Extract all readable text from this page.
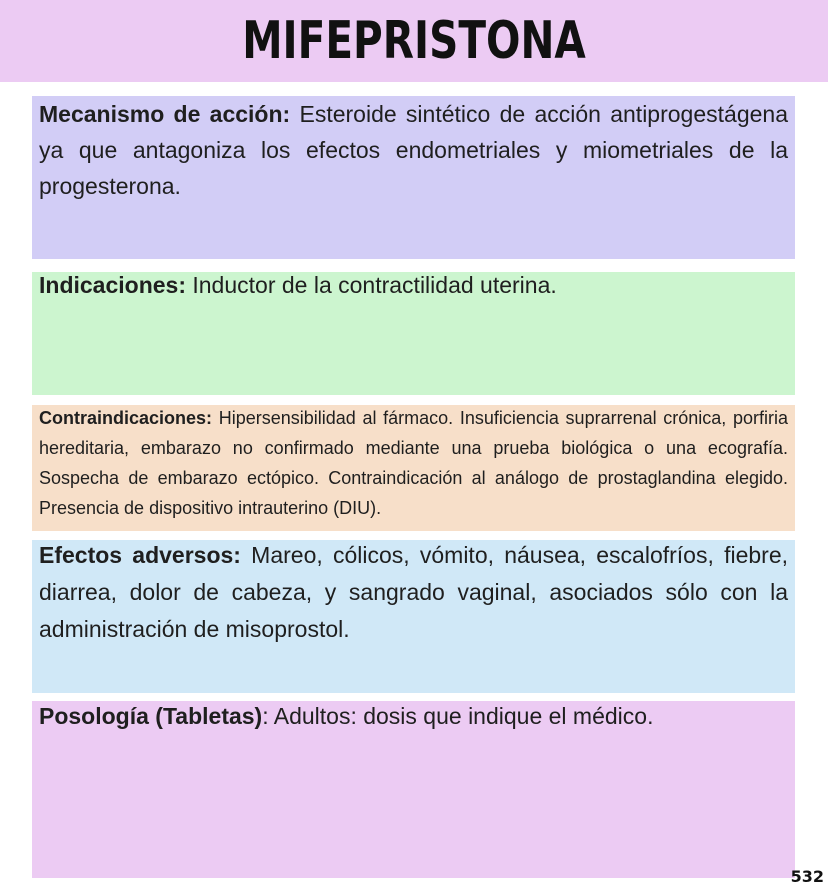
MIFEPRISTONA

Mecanismo de acción: Esteroide sintético de acción antiprogestágena ya que antagoniza los efectos endometriales y miometriales de la progesterona.

Indicaciones: Inductor de la contractilidad uterina.

Contraindicaciones: Hipersensibilidad al fármaco. Insuficiencia suprarrenal crónica, porfiria hereditaria, embarazo no confirmado mediante una prueba biológica o una ecografía. Sospecha de embarazo ectópico. Contraindicación al análogo de prostaglandina elegido. Presencia de dispositivo intrauterino (DIU).

Efectos adversos: Mareo, cólicos, vómito, náusea, escalofríos, fiebre, diarrea, dolor de cabeza, y sangrado vaginal, asociados sólo con la administración de misoprostol.

Posología (Tabletas): Adultos: dosis que indique el médico.

532
